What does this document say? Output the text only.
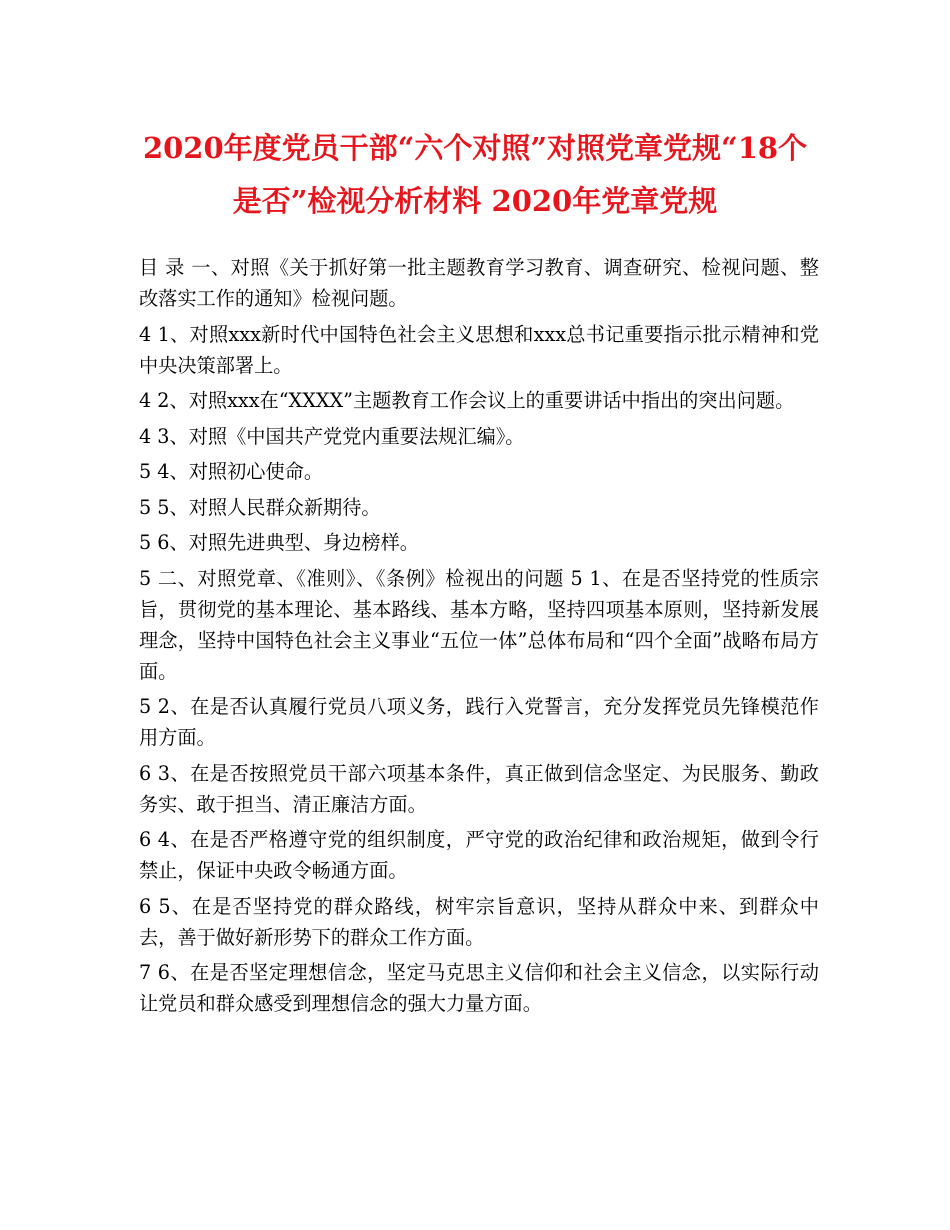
2020年度党员干部“六个对照”对照党章党规“18个是否”检视分析材料 2020年党章党规

目 录 一、对照《关于抓好第一批主题教育学习教育、调查研究、检视问题、整改落实工作的通知》检视问题。

4 1、对照xxx新时代中国特色社会主义思想和xxx总书记重要指示批示精神和党中央决策部署上。

4 2、对照xxx在“XXXX”主题教育工作会议上的重要讲话中指出的突出问题。

4 3、对照《中国共产党党内重要法规汇编》。

5 4、对照初心使命。

5 5、对照人民群众新期待。

5 6、对照先进典型、身边榜样。

5 二、对照党章、《准则》、《条例》检视出的问题 5 1、在是否坚持党的性质宗旨，贯彻党的基本理论、基本路线、基本方略，坚持四项基本原则，坚持新发展理念，坚持中国特色社会主义事业“五位一体”总体布局和“四个全面”战略布局方面。

5 2、在是否认真履行党员八项义务，践行入党誓言，充分发挥党员先锋模范作用方面。

6 3、在是否按照党员干部六项基本条件，真正做到信念坚定、为民服务、勤政务实、敢于担当、清正廉洁方面。

6 4、在是否严格遵守党的组织制度，严守党的政治纪律和政治规矩，做到令行禁止，保证中央政令畅通方面。

6 5、在是否坚持党的群众路线，树牢宗旨意识，坚持从群众中来、到群众中去，善于做好新形势下的群众工作方面。

7 6、在是否坚定理想信念，坚定马克思主义信仰和社会主义信念，以实际行动让党员和群众感受到理想信念的强大力量方面。
